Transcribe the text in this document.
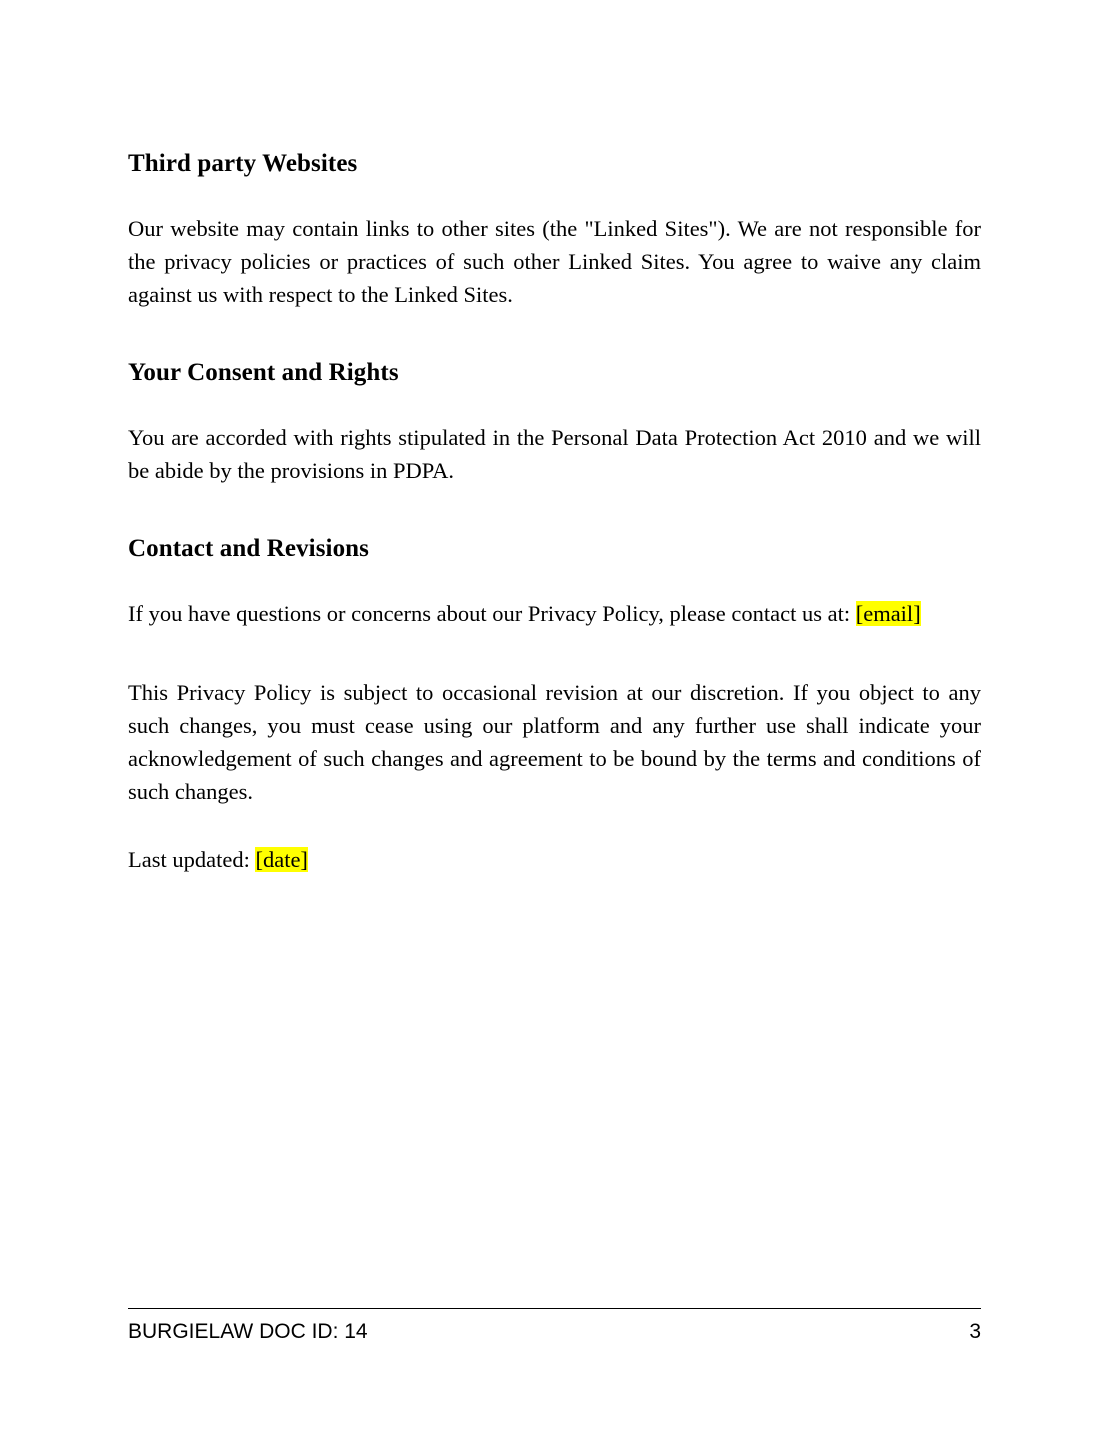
Third party Websites

Our website may contain links to other sites (the "Linked Sites"). We are not responsible for the privacy policies or practices of such other Linked Sites. You agree to waive any claim against us with respect to the Linked Sites.

Your Consent and Rights

You are accorded with rights stipulated in the Personal Data Protection Act 2010 and we will be abide by the provisions in PDPA.

Contact and Revisions

If you have questions or concerns about our Privacy Policy, please contact us at: [email]

This Privacy Policy is subject to occasional revision at our discretion. If you object to any such changes, you must cease using our platform and any further use shall indicate your acknowledgement of such changes and agreement to be bound by the terms and conditions of such changes.

Last updated: [date]

BURGIELAW DOC ID: 14	3
